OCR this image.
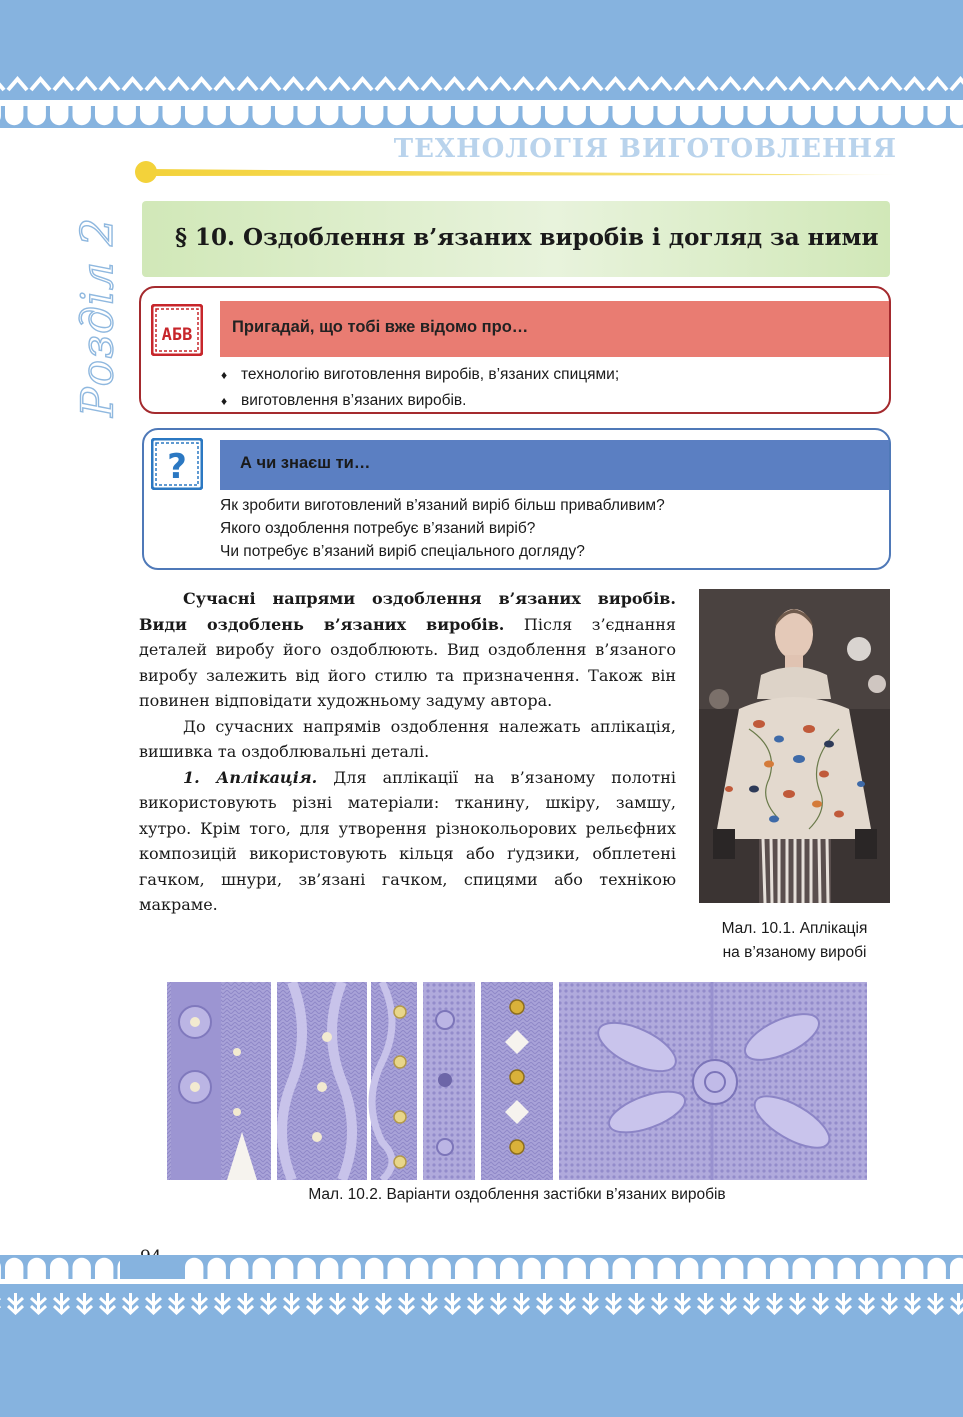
ТЕХНОЛОГІЯ ВИГОТОВЛЕННЯ
Розділ 2 § 10. Оздоблення в’язаних виробів і догляд за ними
АБВ Пригадай, що тобі вже відомо про…
♦ технологію виготовлення виробів, в’язаних спицями;
♦ виготовлення в’язаних виробів.
?	А чи знаєш ти…
Як зробити виготовлений в’язаний виріб більш привабливим?
Якого оздоблення потребує в’язаний виріб?
Чи потребує в’язаний виріб спеціального догляду?

Сучасні напрями оздоблення в’язаних виробів. Види оздоблень в’язаних виробів. Після з’єднання деталей виробу його оздоблюють. Вид оздоблення в’язаного виробу залежить від його стилю та призначення. Також він повинен відповідати художньому задуму автора.

До сучасних напрямів оздоблення належать аплікація, вишивка та оздоблювальні деталі.

1. Аплікація. Для аплікації на в’язаному полотні використовують різні матеріали: тканину, шкіру, замшу, хутро. Крім того, для утворення різнокольорових рельєфних композицій використовують кільця або ґудзики, обплетені гачком, шнури, зв’язані гачком, спицями або технікою макраме.

Мал. 10.1. Аплікація
на в’язаному виробі
Мал. 10.2. Варіанти оздоблення застібки в’язаних виробів
